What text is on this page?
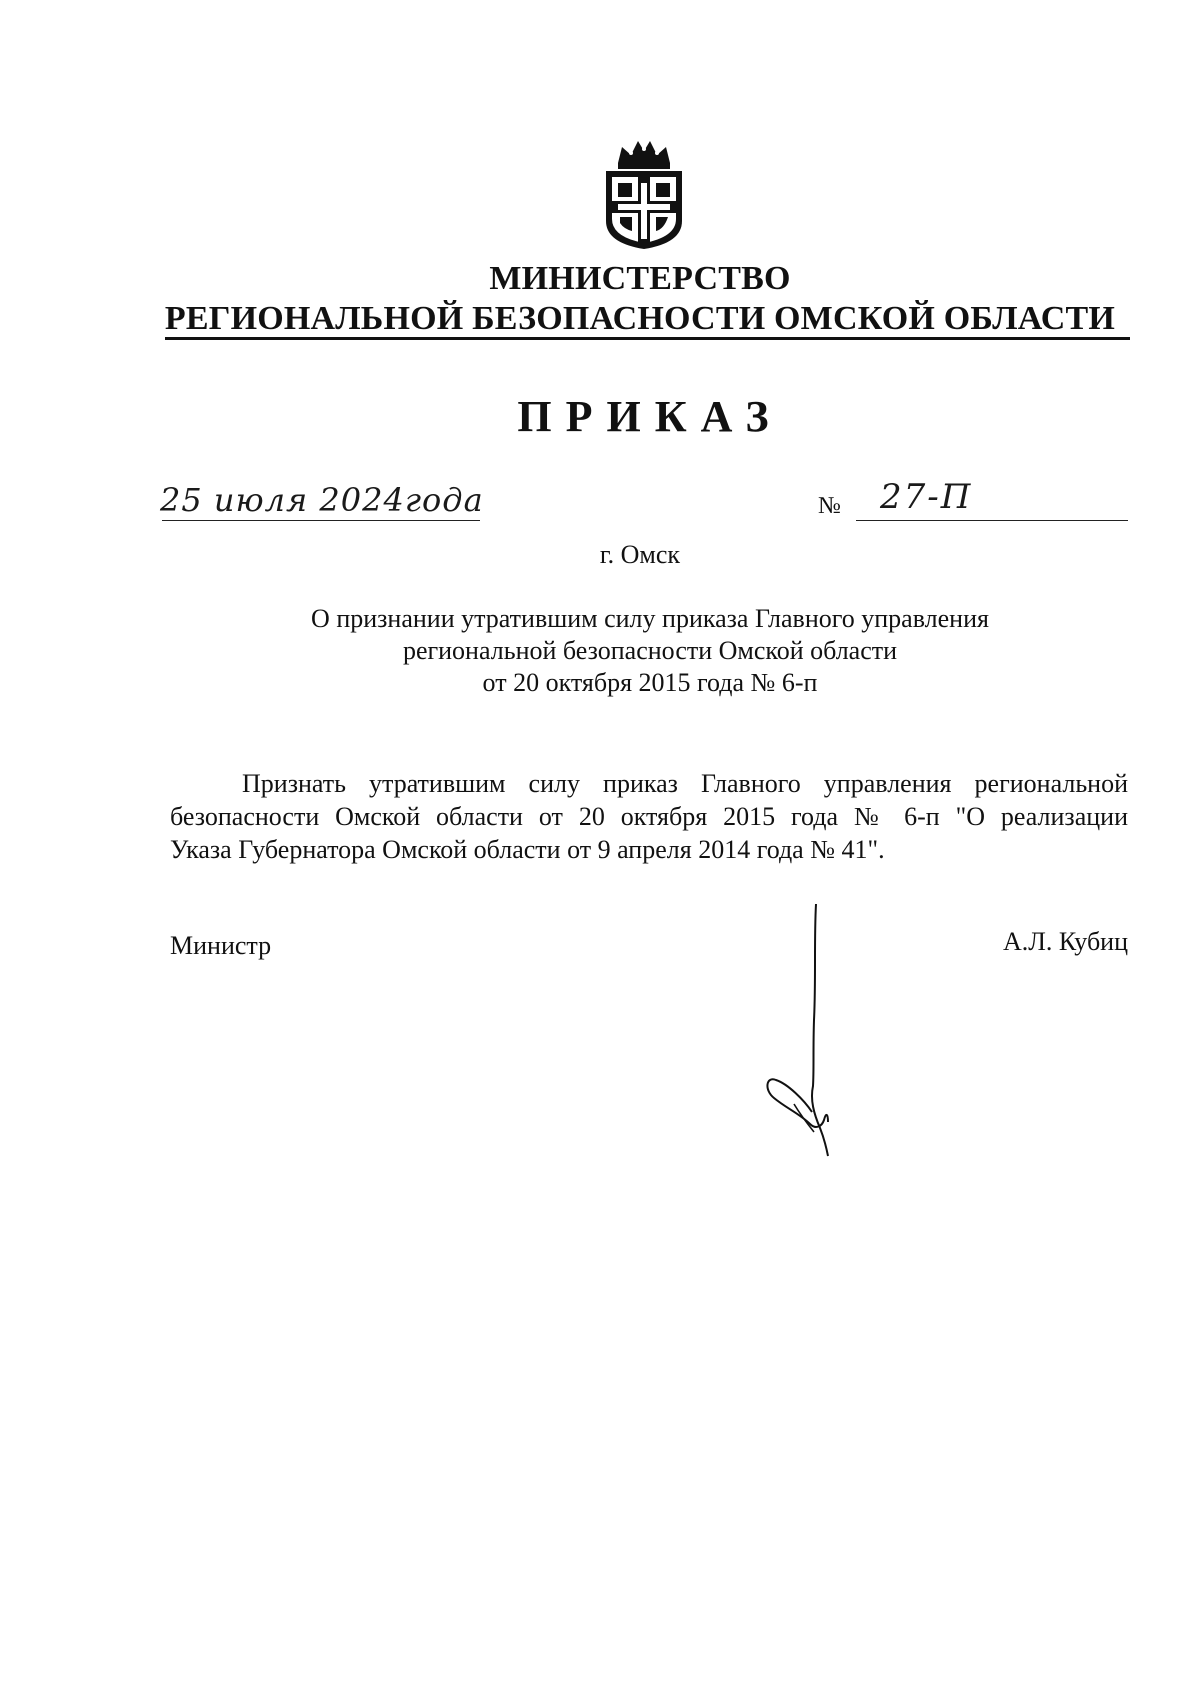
МИНИСТЕРСТВО
РЕГИОНАЛЬНОЙ БЕЗОПАСНОСТИ ОМСКОЙ ОБЛАСТИ
ПРИКАЗ
25 июля 2024года	№ 27-П
г. Омск
О признании утратившим силу приказа Главного управления
региональной безопасности Омской области
от 20 октября 2015 года № 6-п
Признать утратившим силу приказ Главного управления региональной
безопасности Омской области от 20 октября 2015 года № 6-п "О реализации
Указа Губернатора Омской области от 9 апреля 2014 года № 41".
Министр	А.Л. Кубиц
